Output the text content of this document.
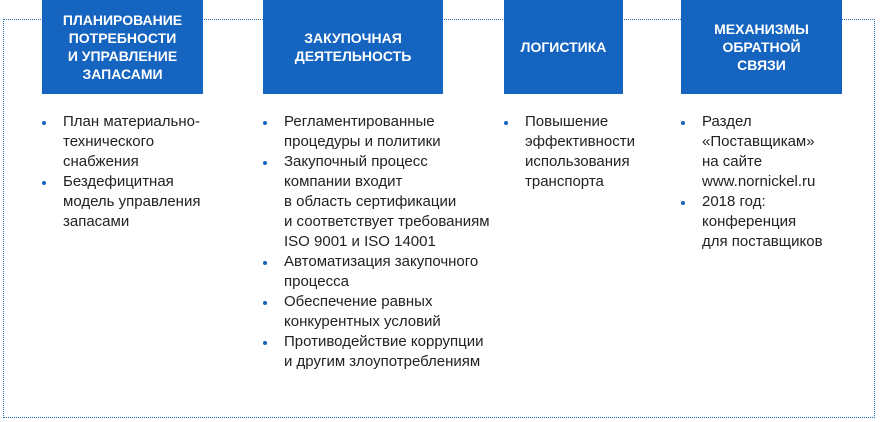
ПЛАНИРОВАНИЕ
ПОТРЕБНОСТИ
И УПРАВЛЕНИЕ
ЗАПАСАМИ
План материально-
технического
снабжения
Бездефицитная
модель управления
запасами
ЗАКУПОЧНАЯ
ДЕЯТЕЛЬНОСТЬ
Регламентированные
процедуры и политики
Закупочный процесс
компании входит
в область сертификации
и соответствует требованиям
ISO 9001 и ISO 14001
Автоматизация закупочного
процесса
Обеспечение равных
конкурентных условий
Противодействие коррупции
и другим злоупотреблениям
ЛОГИСТИКА
Повышение
эффективности
использования
транспорта
МЕХАНИЗМЫ
ОБРАТНОЙ
СВЯЗИ
Раздел
«Поставщикам»
на сайте
www.nornickel.ru
2018 год:
конференция
для поставщиков
